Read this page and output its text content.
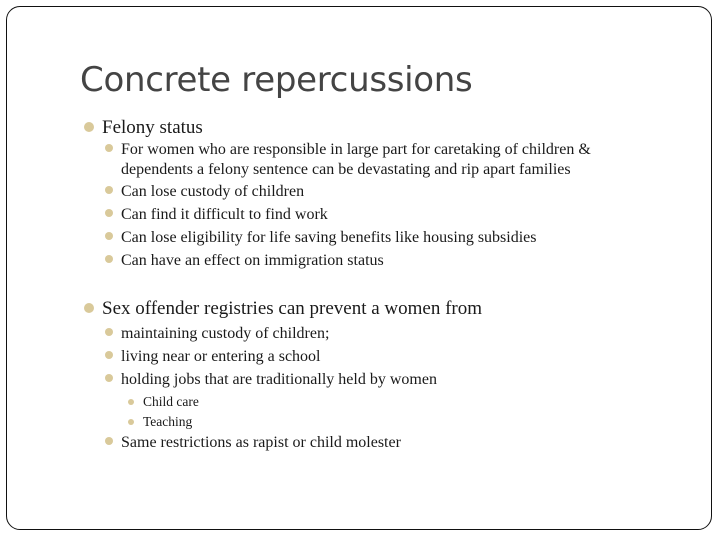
Concrete repercussions
Felony status
For women who are responsible in large part for caretaking of children &
dependents a felony sentence can be devastating and rip apart families
Can lose custody of children
Can find it difficult to find work
Can lose eligibility for life saving benefits like housing subsidies
Can have an effect on immigration status
Sex offender registries can prevent a women from
maintaining custody of children;
living near or entering a school
holding jobs that are traditionally held by women
Child care
Teaching
Same restrictions as rapist or child molester
